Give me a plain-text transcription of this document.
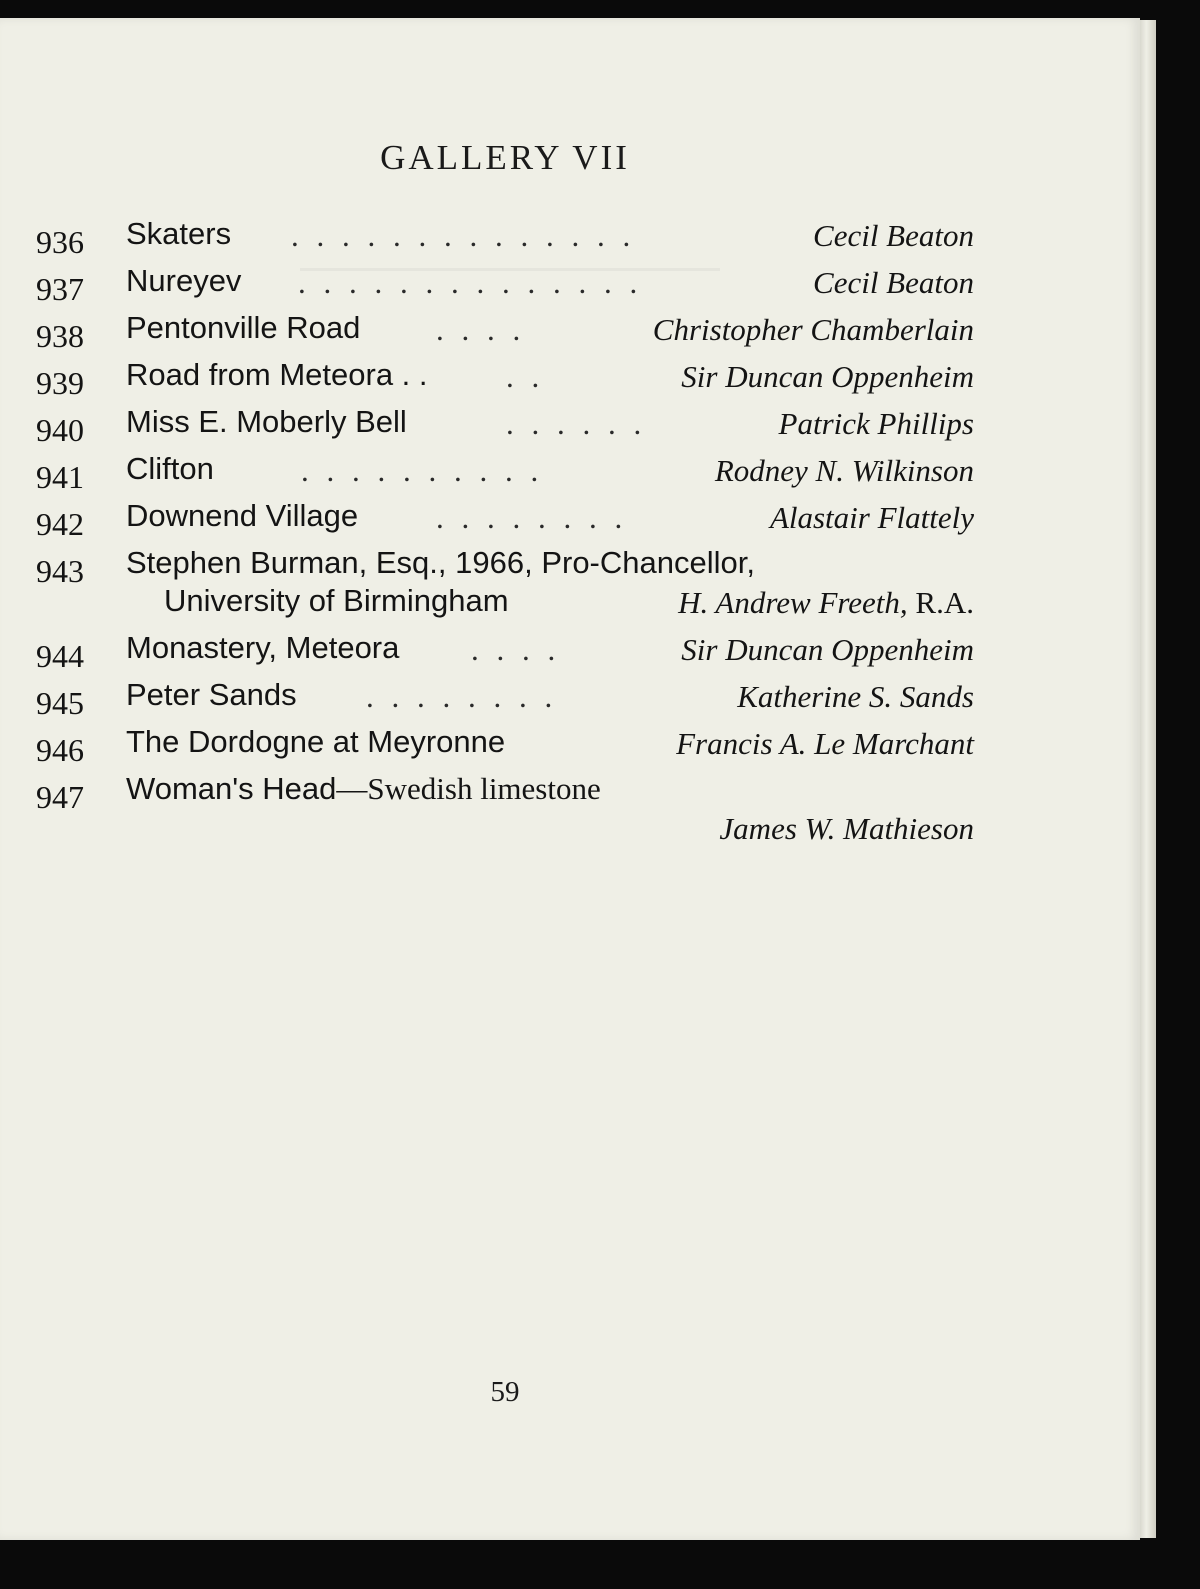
GALLERY VII
936 Skaters . . . . . . . . . . . . . .	Cecil Beaton
937 Nureyev . . . . . . . . . . . . . .	Cecil Beaton
938 Pentonville Road . . . .	Christopher Chamberlain
939 Road from Meteora . .	. .	Sir Duncan Oppenheim
940 Miss E. Moberly Bell	. . . . . .	Patrick Phillips
941 Clifton	. . . . . . . . . .	Rodney N. Wilkinson
942 Downend Village	. . . . . . . .	Alastair Flattely
943 Stephen Burman, Esq., 1966, Pro-Chancellor,
University of Birmingham	H. Andrew Freeth, R.A.
944 Monastery, Meteora . . . .	Sir Duncan Oppenheim
945 Peter Sands . . . . . . . .	Katherine S. Sands
946 The Dordogne at Meyronne	Francis A. Le Marchant
947 Woman's Head—Swedish limestone
James W. Mathieson
59
